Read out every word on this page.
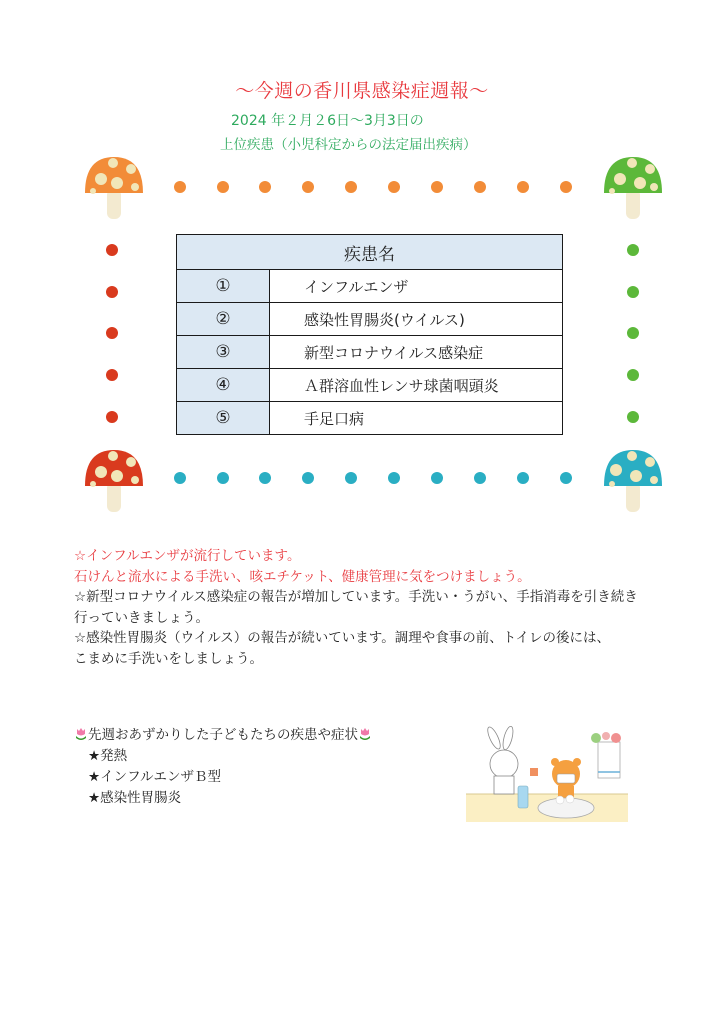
～今週の香川県感染症週報～
2024 年２月２6日～3月3日の
上位疾患（小児科定からの法定届出疾病）
疾患名	
①	インフルエンザ
②	感染性胃腸炎(ウイルス)
③	新型コロナウイルス感染症
④	Ａ群溶血性レンサ球菌咽頭炎
⑤	手足口病
☆インフルエンザが流行しています。
石けんと流水による手洗い、咳エチケット、健康管理に気をつけましょう。
☆新型コロナウイルス感染症の報告が増加しています。手洗い・うがい、手指消毒を引き続き
行っていきましょう。
☆感染性胃腸炎（ウイルス）の報告が続いています。調理や食事の前、トイレの後には、
こまめに手洗いをしましょう。
先週おあずかりした子どもたちの疾患や症状
★発熱
★インフルエンザＢ型
★感染性胃腸炎
